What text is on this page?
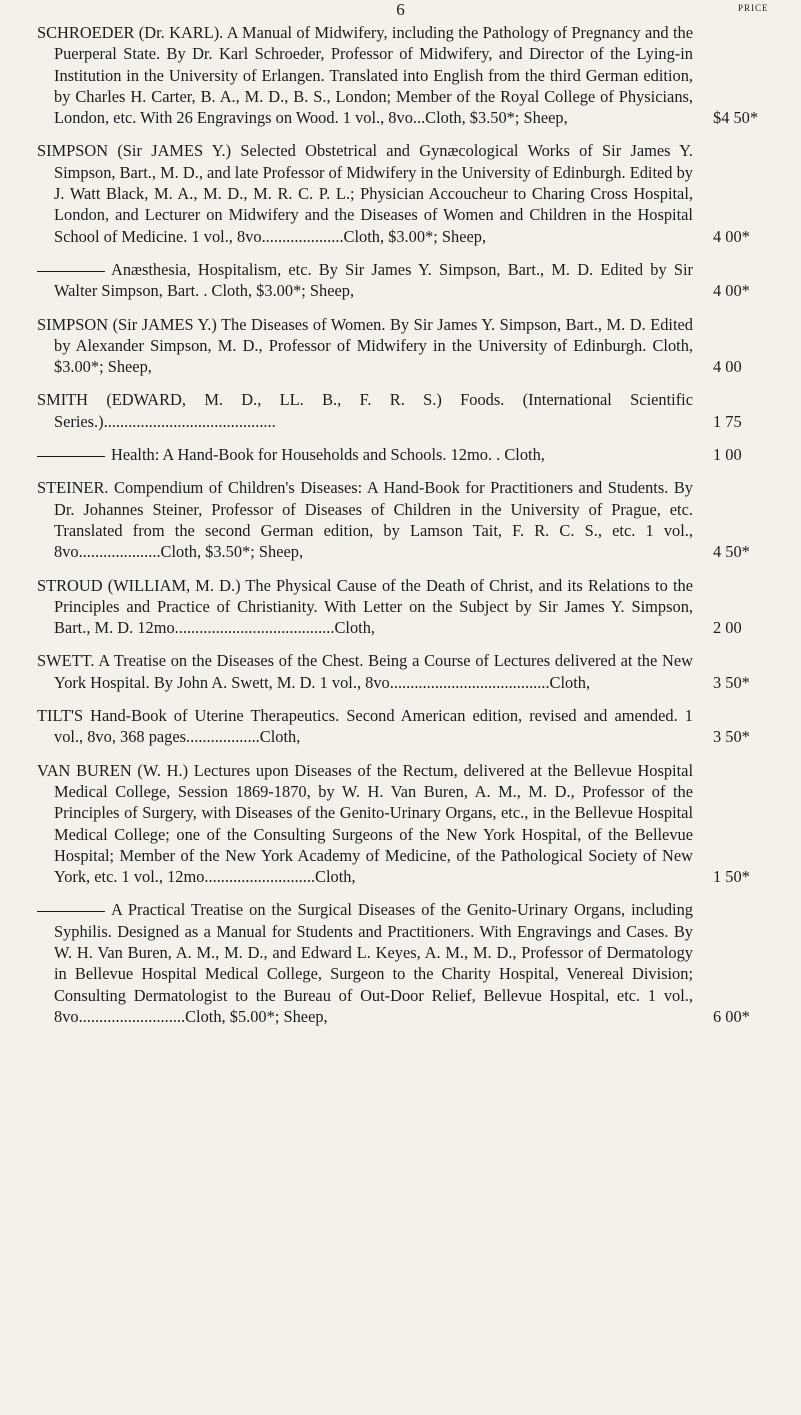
6	PRICE
SCHROEDER (Dr. KARL). A Manual of Midwifery, including the Pathology of Pregnancy and the Puerperal State. By Dr. Karl Schroeder, Professor of Midwifery, and Director of the Lying-in Institution in the University of Erlangen. Translated into English from the third German edition, by Charles H. Carter, B. A., M. D., B. S., London; Member of the Royal College of Physicians, London, etc. With 26 Engravings on Wood. 1 vol., 8vo...Cloth, $3.50*; Sheep,	$4 50*
SIMPSON (Sir JAMES Y.) Selected Obstetrical and Gynæcological Works of Sir James Y. Simpson, Bart., M. D., and late Professor of Midwifery in the University of Edinburgh. Edited by J. Watt Black, M. A., M. D., M. R. C. P. L.; Physician Accoucheur to Charing Cross Hospital, London, and Lecturer on Midwifery and the Diseases of Women and Children in the Hospital School of Medicine. 1 vol., 8vo....................Cloth, $3.00*; Sheep,	4 00*
Anæsthesia, Hospitalism, etc. By Sir James Y. Simpson, Bart., M. D. Edited by Sir Walter Simpson, Bart. . Cloth, $3.00*; Sheep,	4 00*
SIMPSON (Sir JAMES Y.) The Diseases of Women. By Sir James Y. Simpson, Bart., M. D. Edited by Alexander Simpson, M. D., Professor of Midwifery in the University of Edinburgh. Cloth, $3.00*; Sheep,	4 00
SMITH (EDWARD, M. D., LL. B., F. R. S.) Foods. (International Scientific Series.)..........................................	1 75
Health: A Hand-Book for Households and Schools. 12mo. . Cloth,	1 00
STEINER. Compendium of Children's Diseases: A Hand-Book for Practitioners and Students. By Dr. Johannes Steiner, Professor of Diseases of Children in the University of Prague, etc. Translated from the second German edition, by Lamson Tait, F. R. C. S., etc. 1 vol., 8vo....................Cloth, $3.50*; Sheep,	4 50*
STROUD (WILLIAM, M. D.) The Physical Cause of the Death of Christ, and its Relations to the Principles and Practice of Christianity. With Letter on the Subject by Sir James Y. Simpson, Bart., M. D. 12mo.......................................Cloth,	2 00
SWETT. A Treatise on the Diseases of the Chest. Being a Course of Lectures delivered at the New York Hospital. By John A. Swett, M. D. 1 vol., 8vo.......................................Cloth,	3 50*
TILT'S Hand-Book of Uterine Therapeutics. Second American edition, revised and amended. 1 vol., 8vo, 368 pages..................Cloth,	3 50*
VAN BUREN (W. H.) Lectures upon Diseases of the Rectum, delivered at the Bellevue Hospital Medical College, Session 1869-1870, by W. H. Van Buren, A. M., M. D., Professor of the Principles of Surgery, with Diseases of the Genito-Urinary Organs, etc., in the Bellevue Hospital Medical College; one of the Consulting Surgeons of the New York Hospital, of the Bellevue Hospital; Member of the New York Academy of Medicine, of the Pathological Society of New York, etc. 1 vol., 12mo...........................Cloth,	1 50*
A Practical Treatise on the Surgical Diseases of the Genito-Urinary Organs, including Syphilis. Designed as a Manual for Students and Practitioners. With Engravings and Cases. By W. H. Van Buren, A. M., M. D., and Edward L. Keyes, A. M., M. D., Professor of Dermatology in Bellevue Hospital Medical College, Surgeon to the Charity Hospital, Venereal Division; Consulting Dermatologist to the Bureau of Out-Door Relief, Bellevue Hospital, etc. 1 vol., 8vo..........................Cloth, $5.00*; Sheep,	6 00*
